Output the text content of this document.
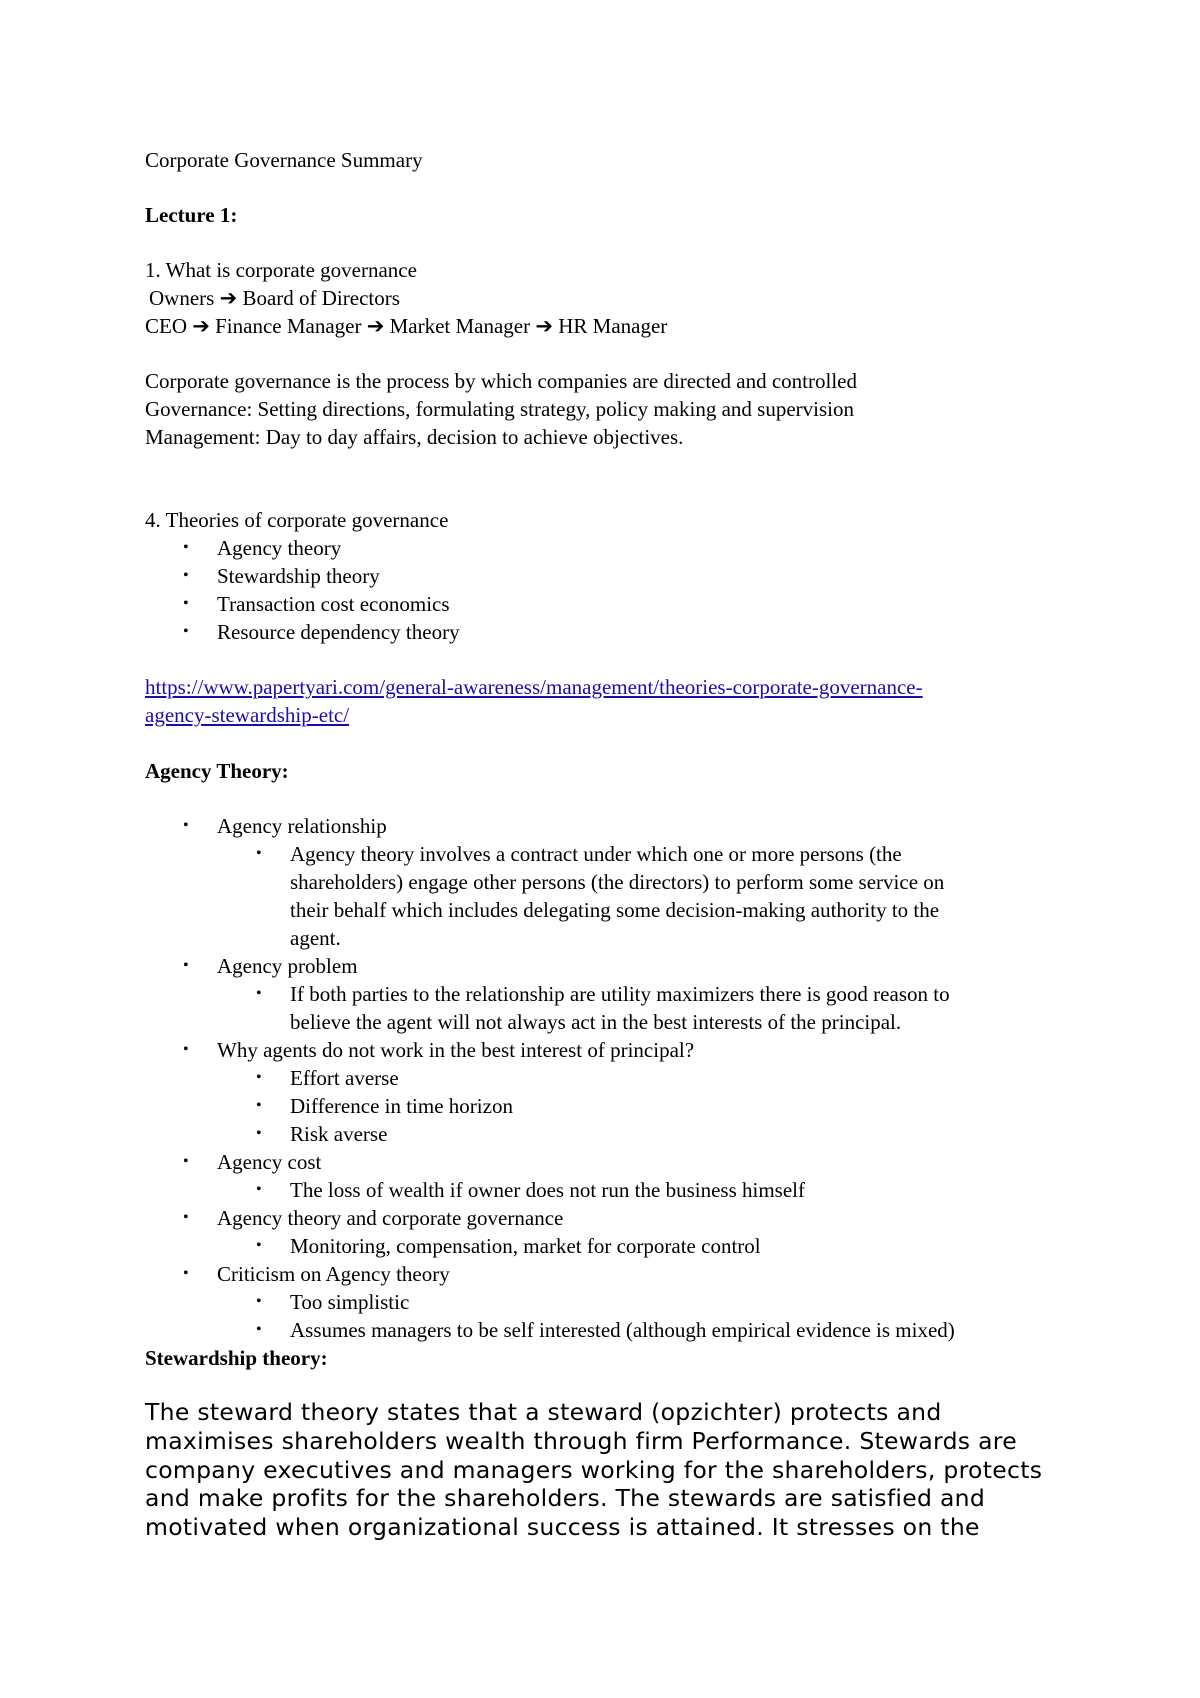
Corporate Governance Summary
Lecture 1:
1. What is corporate governance
Owners ➔ Board of Directors
CEO ➔ Finance Manager ➔ Market Manager ➔ HR Manager
Corporate governance is the process by which companies are directed and controlled
Governance: Setting directions, formulating strategy, policy making and supervision
Management: Day to day affairs, decision to achieve objectives.
4. Theories of corporate governance
• Agency theory
• Stewardship theory
• Transaction cost economics
• Resource dependency theory
https://www.papertyari.com/general-awareness/management/theories-corporate-governance-
agency-stewardship-etc/
Agency Theory:
• Agency relationship
• Agency theory involves a contract under which one or more persons (the
shareholders) engage other persons (the directors) to perform some service on
their behalf which includes delegating some decision-making authority to the
agent.
• Agency problem
• If both parties to the relationship are utility maximizers there is good reason to
believe the agent will not always act in the best interests of the principal.
• Why agents do not work in the best interest of principal?
• Effort averse
• Difference in time horizon
• Risk averse
• Agency cost
• The loss of wealth if owner does not run the business himself
• Agency theory and corporate governance
• Monitoring, compensation, market for corporate control
• Criticism on Agency theory
• Too simplistic
• Assumes managers to be self interested (although empirical evidence is mixed)
Stewardship theory:
The steward theory states that a steward (opzichter) protects and
maximises shareholders wealth through firm Performance. Stewards are
company executives and managers working for the shareholders, protects
and make profits for the shareholders. The stewards are satisfied and
motivated when organizational success is attained. It stresses on the
